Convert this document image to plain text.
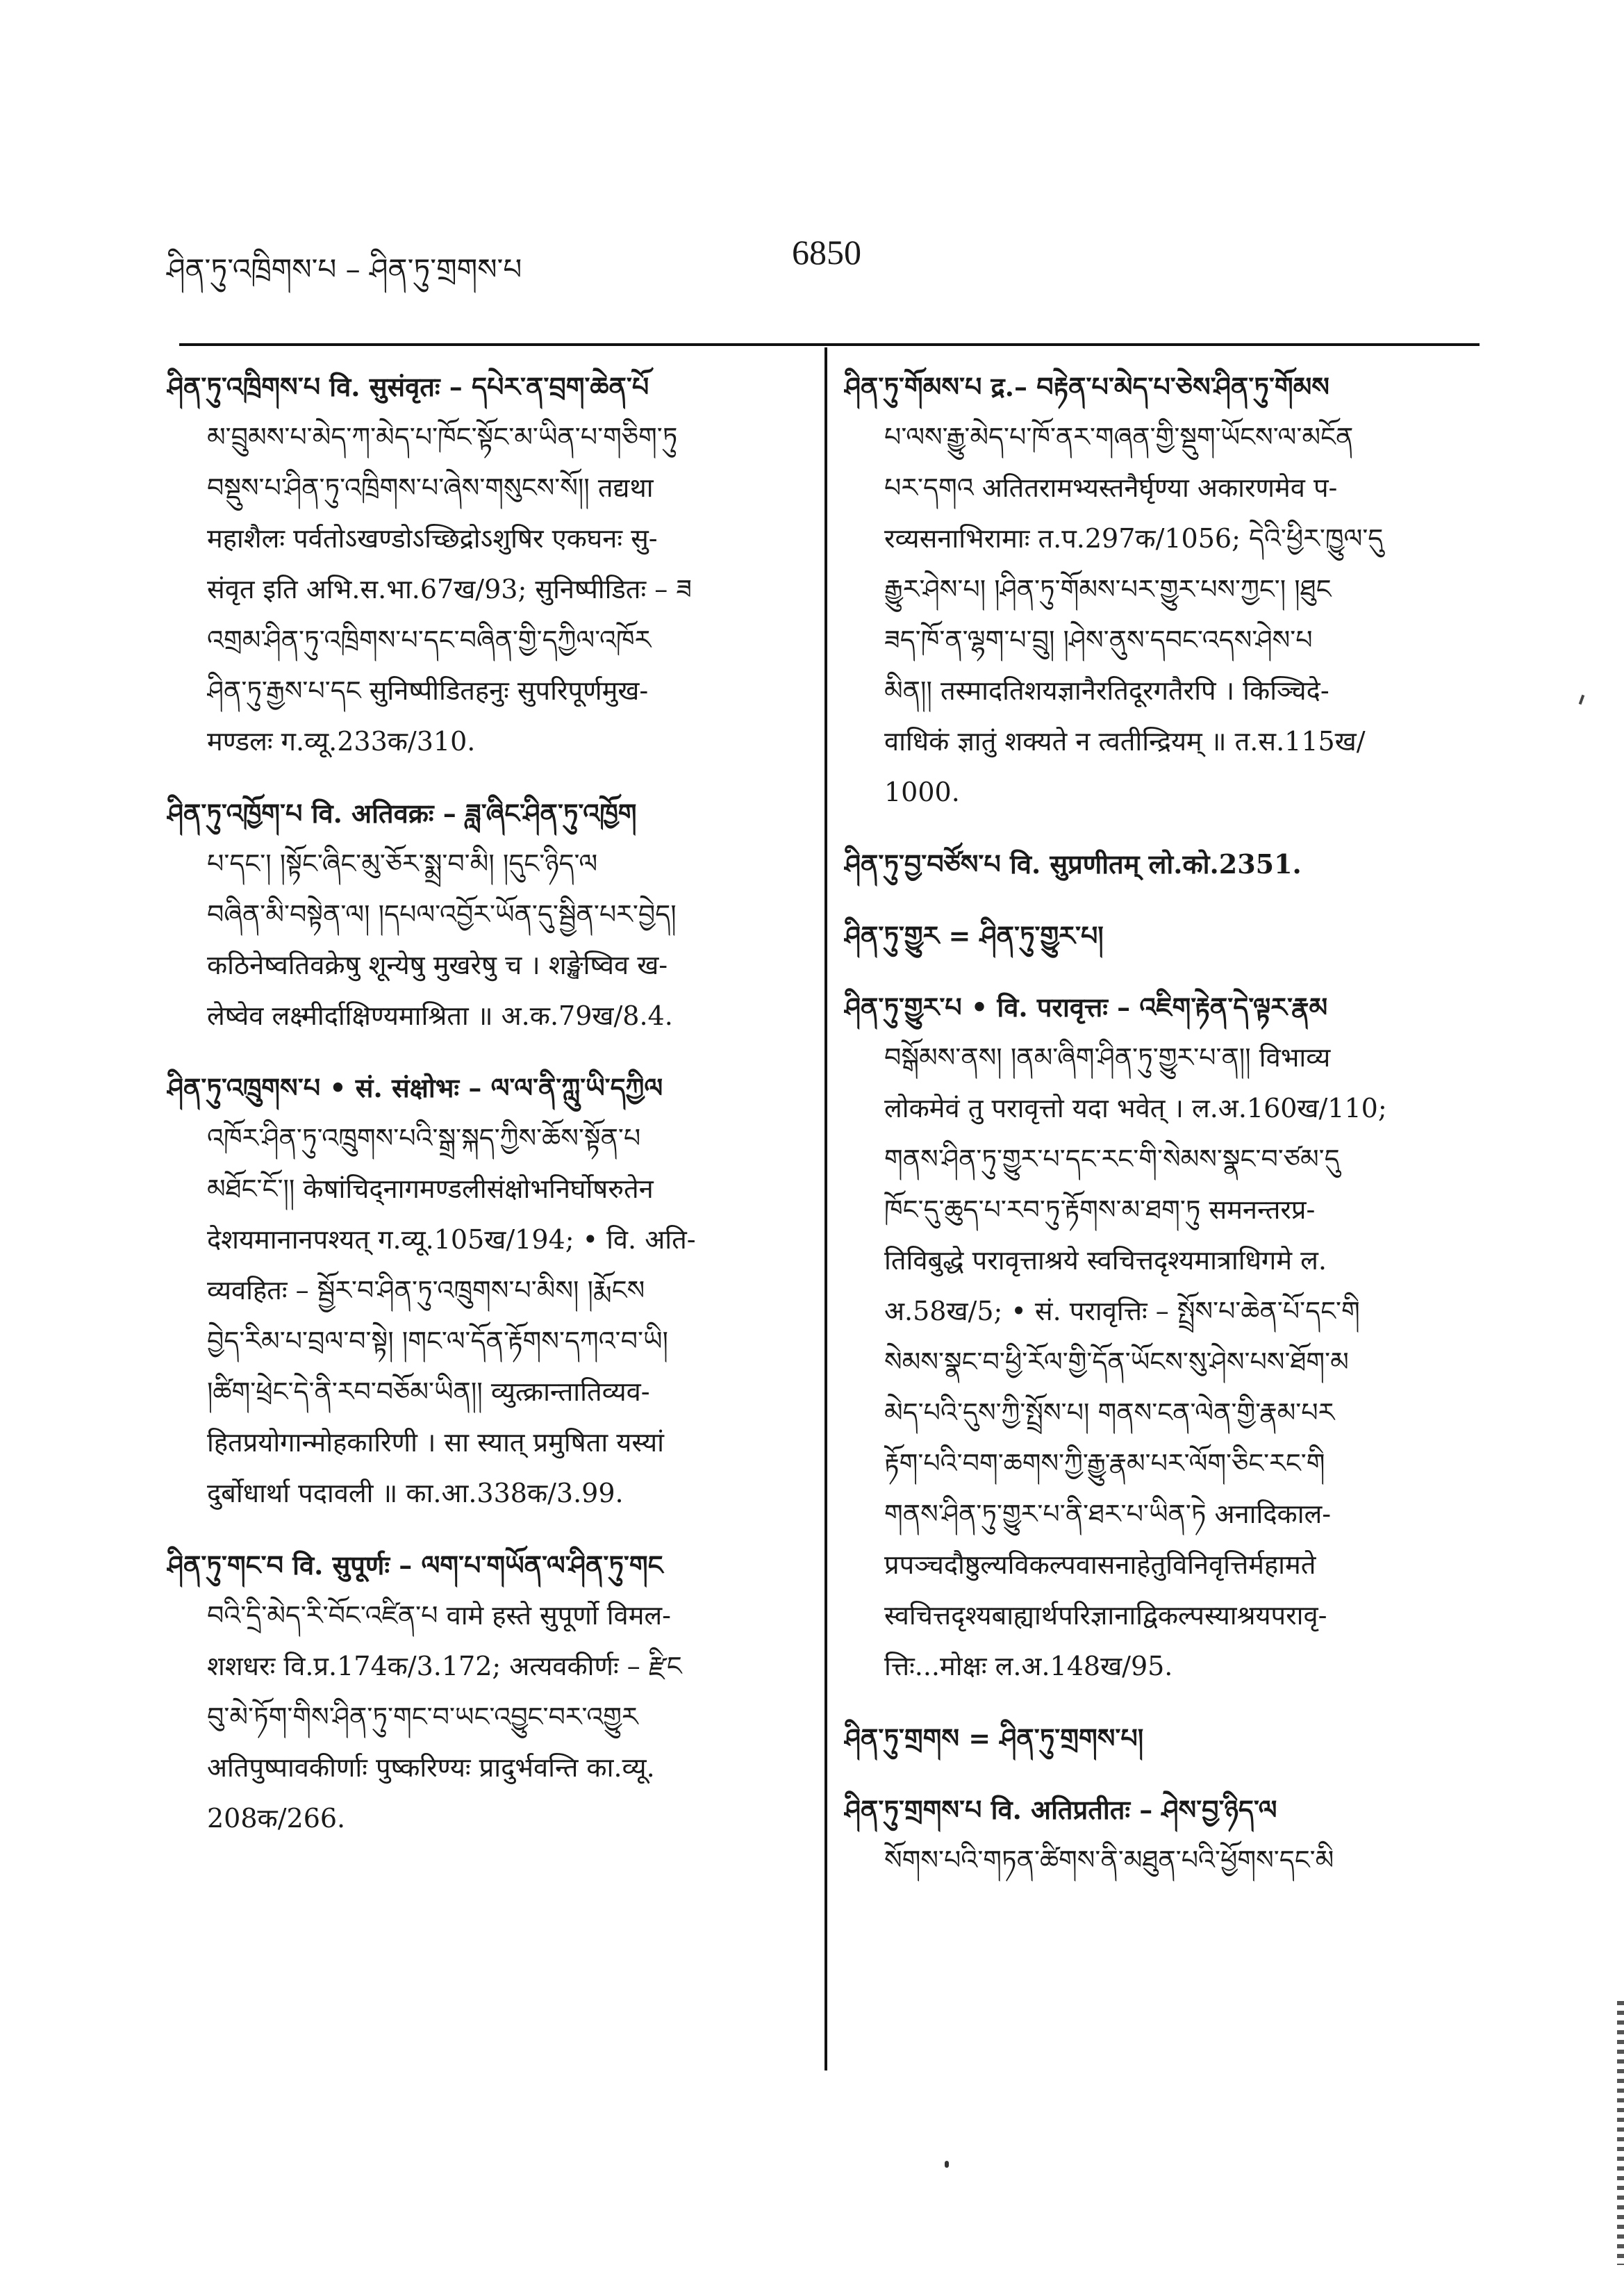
ཤིན་ཏུ་འཁྲིགས་པ – ཤིན་ཏུ་གྲགས་པ	6850
ཤིན་ཏུ་འཁྲིགས་པ वि. सुसंवृतः – དཔེར་ན་བྲག་ཆེན་པོ
མ་བྲུམས་པ་མེད་ཀ་མེད་པ་ཁོང་སྟོང་མ་ཡིན་པ་གཅིག་ཏུ
བསྡུས་པ་ཤིན་ཏུ་འཁྲིགས་པ་ཞེས་གསུངས་སོ།། तद्यथा
महाशैलः पर्वतोऽखण्डोऽच्छिद्रोऽशुषिर एकघनः सु-
संवृत इति अभि.स.भा.67ख/93; सुनिष्पीडितः – ཟ
འགྲམ་ཤིན་ཏུ་འཁྲིགས་པ་དང་བཞིན་གྱི་དཀྱིལ་འཁོར
ཤིན་ཏུ་རྒྱས་པ་དང सुनिष्पीडितहनुः सुपरिपूर्णमुख-
मण्डलः ग.व्यू.233क/310.
ཤིན་ཏུ་འཁྱོག་པ वि. अतिवक्रः – ཟླ་ཞིང་ཤིན་ཏུ་འཁྱོག
པ་དང་། །སྟོང་ཞིང་མུ་ཅོར་སྨྲ་བ་མི། །དུང་ཉིད་ལ
བཞིན་མི་བསྟེན་ལ། །དཔལ་འབྱོར་ཡོན་དུ་སྦྱིན་པར་བྱེད།
कठिनेष्वतिवक्रेषु शून्येषु मुखरेषु च । शङ्खेष्विव ख-
लेष्वेव लक्ष्मीर्दाक्षिण्यमाश्रिता ॥ अ.क.79ख/8.4.
ཤིན་ཏུ་འཁྲུགས་པ • सं. संक्षोभः – ལ་ལ་ནི་ཀླུ་ཡི་དཀྱིལ
འཁོར་ཤིན་ཏུ་འཁྲུགས་པའི་སྒྲ་སྐད་ཀྱིས་ཆོས་སྟོན་པ
མཐོང་ངོ་།། केषांचिद्नागमण्डलीसंक्षोभनिर्घोषरुतेन
देशयमानानपश्यत् ग.व्यू.105ख/194; • वि. अति-
व्यवहितः – སྦྱོར་བ་ཤིན་ཏུ་འཁྲུགས་པ་མིས། །རྨོངས
བྱེད་རིམ་པ་བྲལ་བ་སྟེ། །གང་ལ་དོན་རྟོགས་དཀའ་བ་ཡི།
།ཚིག་ཕྲེང་དེ་ནི་རབ་བཅོམ་ཡིན།། व्युत्क्रान्तातिव्यव-
हितप्रयोगान्मोहकारिणी । सा स्यात् प्रमुषिता यस्यां
दुर्बोधार्था पदावली ॥ का.आ.338क/3.99.
ཤིན་ཏུ་གང་བ वि. सुपूर्णः – ལག་པ་གཡོན་ལ་ཤིན་ཏུ་གང
བའི་དྲི་མེད་རི་བོང་འཛིན་པ वामे हस्ते सुपूर्णो विमल-
शशधरः वि.प्र.174क/3.172; अत्यवकीर्णः – རྫིང
བུ་མེ་ཏོག་གིས་ཤིན་ཏུ་གང་བ་ཡང་འབྱུང་བར་འགྱུར
अतिपुष्पावकीर्णाः पुष्करिण्यः प्रादुर्भवन्ति का.व्यू.
208क/266.
ཤིན་ཏུ་གོམས་པ द्र.– བརྟེན་པ་མེད་པ་ཅེས་ཤིན་ཏུ་གོམས
པ་ལས་རྒྱུ་མེད་པ་ཁོ་ནར་གཞན་གྱི་སྡུག་ཡོངས་ལ་མངོན
པར་དགའ अतितरामभ्यस्तनैर्घृण्या अकारणमेव प-
रव्यसनाभिरामाः त.प.297क/1056; དེའི་ཕྱིར་ཁྱུལ་དུ
རྒྱུར་ཤེས་པ། །ཤིན་ཏུ་གོམས་པར་གྱུར་པས་ཀྱང་། །ཐུང
ཟད་ཁོ་ན་ལྷག་པ་བྲུ། །ཤེས་ནུས་དབང་འདས་ཤེས་པ
མིན།། तस्मादतिशयज्ञानैरतिदूरगतैरपि । किञ्चिदे-
वाधिकं ज्ञातुं शक्यते न त्वतीन्द्रियम् ॥ त.स.115ख/
1000.
ཤིན་ཏུ་བྱ་བཙོས་པ वि. सुप्रणीतम् लो.को.2351.
ཤིན་ཏུ་གྱུར = ཤིན་ཏུ་གྱུར་པ།
ཤིན་ཏུ་གྱུར་པ • वि. परावृत्तः – འཇིག་རྟེན་དེ་ལྟར་རྣམ
བསྒོམས་ནས། །ནམ་ཞིག་ཤིན་ཏུ་གྱུར་པ་ན།། विभाव्य
लोकमेवं तु परावृत्तो यदा भवेत् । ल.अ.160ख/110;
གནས་ཤིན་ཏུ་གྱུར་པ་དང་རང་གི་སེམས་སྣང་བ་ཙམ་དུ
ཁོང་དུ་ཆུད་པ་རབ་ཏུ་རྟོགས་མ་ཐག་ཏུ समनन्तरप्र-
तिविबुद्धे परावृत्ताश्रये स्वचित्तदृश्यमात्राधिगमे ल.
अ.58ख/5; • सं. परावृत्तिः – སྤྲོས་པ་ཆེན་པོ་དང་གི
སེམས་སྣང་བ་ཕྱི་རོལ་གྱི་དོན་ཡོངས་སུ་ཤེས་པས་ཐོག་མ
མེད་པའི་དུས་ཀྱི་སྤྲོས་པ། གནས་ངན་ལེན་གྱི་རྣམ་པར
རྟོག་པའི་བག་ཆགས་ཀྱི་རྒྱུ་རྣམ་པར་ལོག་ཅིང་རང་གི
གནས་ཤིན་ཏུ་གྱུར་པ་ནི་ཐར་པ་ཡིན་ཏེ अनादिकाल-
प्रपञ्चदौष्ठुल्यविकल्पवासनाहेतुविनिवृत्तिर्महामते
स्वचित्तदृश्यबाह्यार्थपरिज्ञानाद्विकल्पस्याश्रयपरावृ-
त्तिः...मोक्षः ल.अ.148ख/95.
ཤིན་ཏུ་གྲགས = ཤིན་ཏུ་གྲགས་པ།
ཤིན་ཏུ་གྲགས་པ वि. अतिप्रतीतः – ཤེས་བྱ་ཉིད་ལ
སོགས་པའི་གཏན་ཚིགས་ནི་མཐུན་པའི་ཕྱོགས་དང་མི
